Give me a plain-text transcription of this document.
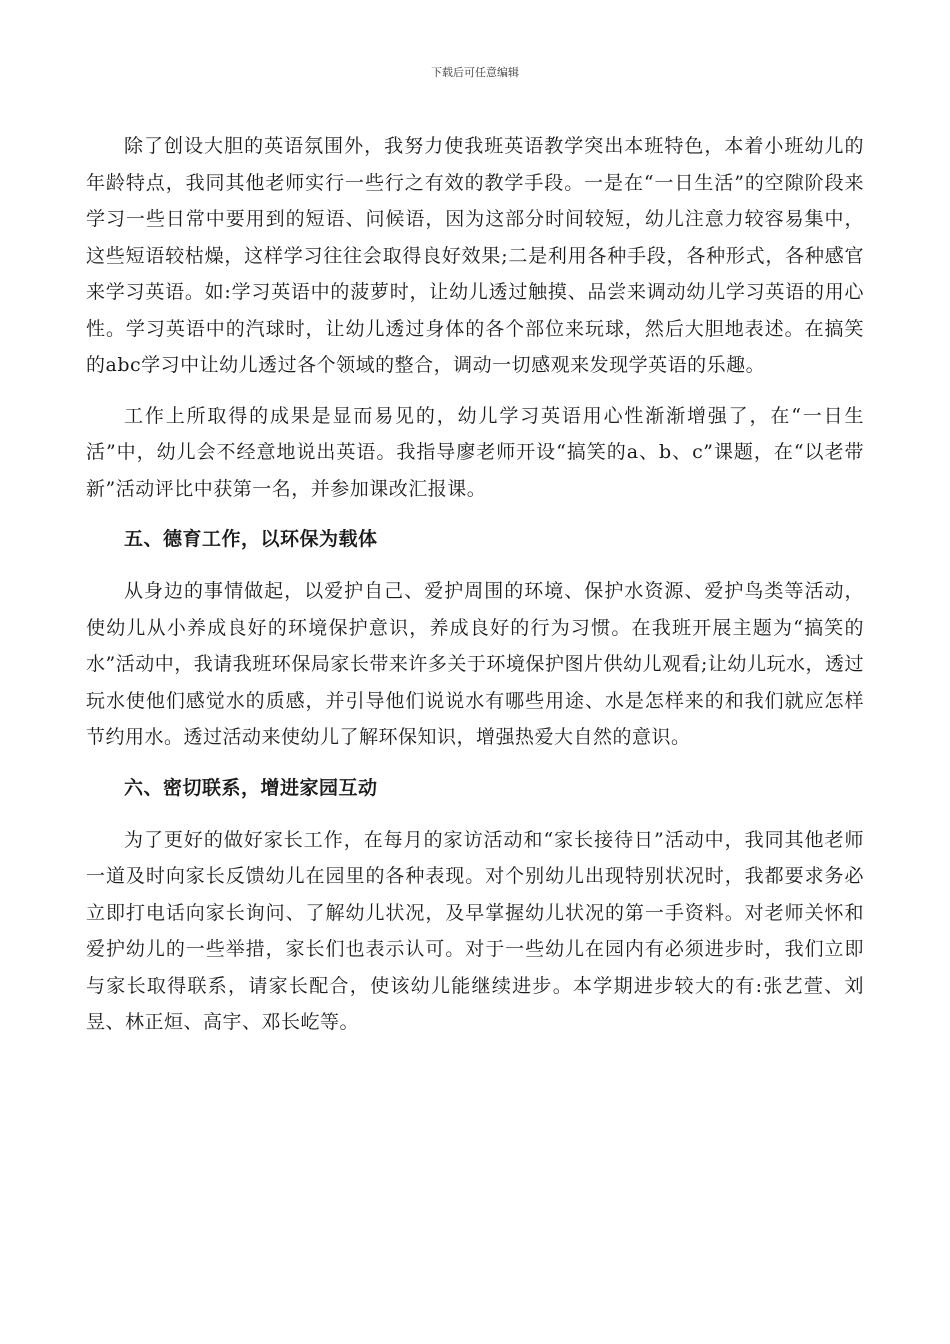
下载后可任意编辑

除了创设大胆的英语氛围外，我努力使我班英语教学突出本班特色，本着小班幼儿的年龄特点，我同其他老师实行一些行之有效的教学手段。一是在“一日生活”的空隙阶段来学习一些日常中要用到的短语、问候语，因为这部分时间较短，幼儿注意力较容易集中，这些短语较枯燥，这样学习往往会取得良好效果;二是利用各种手段，各种形式，各种感官来学习英语。如:学习英语中的菠萝时，让幼儿透过触摸、品尝来调动幼儿学习英语的用心性。学习英语中的汽球时，让幼儿透过身体的各个部位来玩球，然后大胆地表述。在搞笑的abc学习中让幼儿透过各个领域的整合，调动一切感观来发现学英语的乐趣。

工作上所取得的成果是显而易见的，幼儿学习英语用心性渐渐增强了，在“一日生活”中，幼儿会不经意地说出英语。我指导廖老师开设“搞笑的a、b、c”课题，在“以老带新”活动评比中获第一名，并参加课改汇报课。

五、德育工作，以环保为载体

从身边的事情做起，以爱护自己、爱护周围的环境、保护水资源、爱护鸟类等活动，使幼儿从小养成良好的环境保护意识，养成良好的行为习惯。在我班开展主题为“搞笑的水”活动中，我请我班环保局家长带来许多关于环境保护图片供幼儿观看;让幼儿玩水，透过玩水使他们感觉水的质感，并引导他们说说水有哪些用途、水是怎样来的和我们就应怎样节约用水。透过活动来使幼儿了解环保知识，增强热爱大自然的意识。

六、密切联系，增进家园互动

为了更好的做好家长工作，在每月的家访活动和“家长接待日”活动中，我同其他老师一道及时向家长反馈幼儿在园里的各种表现。对个别幼儿出现特别状况时，我都要求务必立即打电话向家长询问、了解幼儿状况，及早掌握幼儿状况的第一手资料。对老师关怀和爱护幼儿的一些举措，家长们也表示认可。对于一些幼儿在园内有必须进步时，我们立即与家长取得联系，请家长配合，使该幼儿能继续进步。本学期进步较大的有:张艺萱、刘昱、林正烜、高宇、邓长屹等。
